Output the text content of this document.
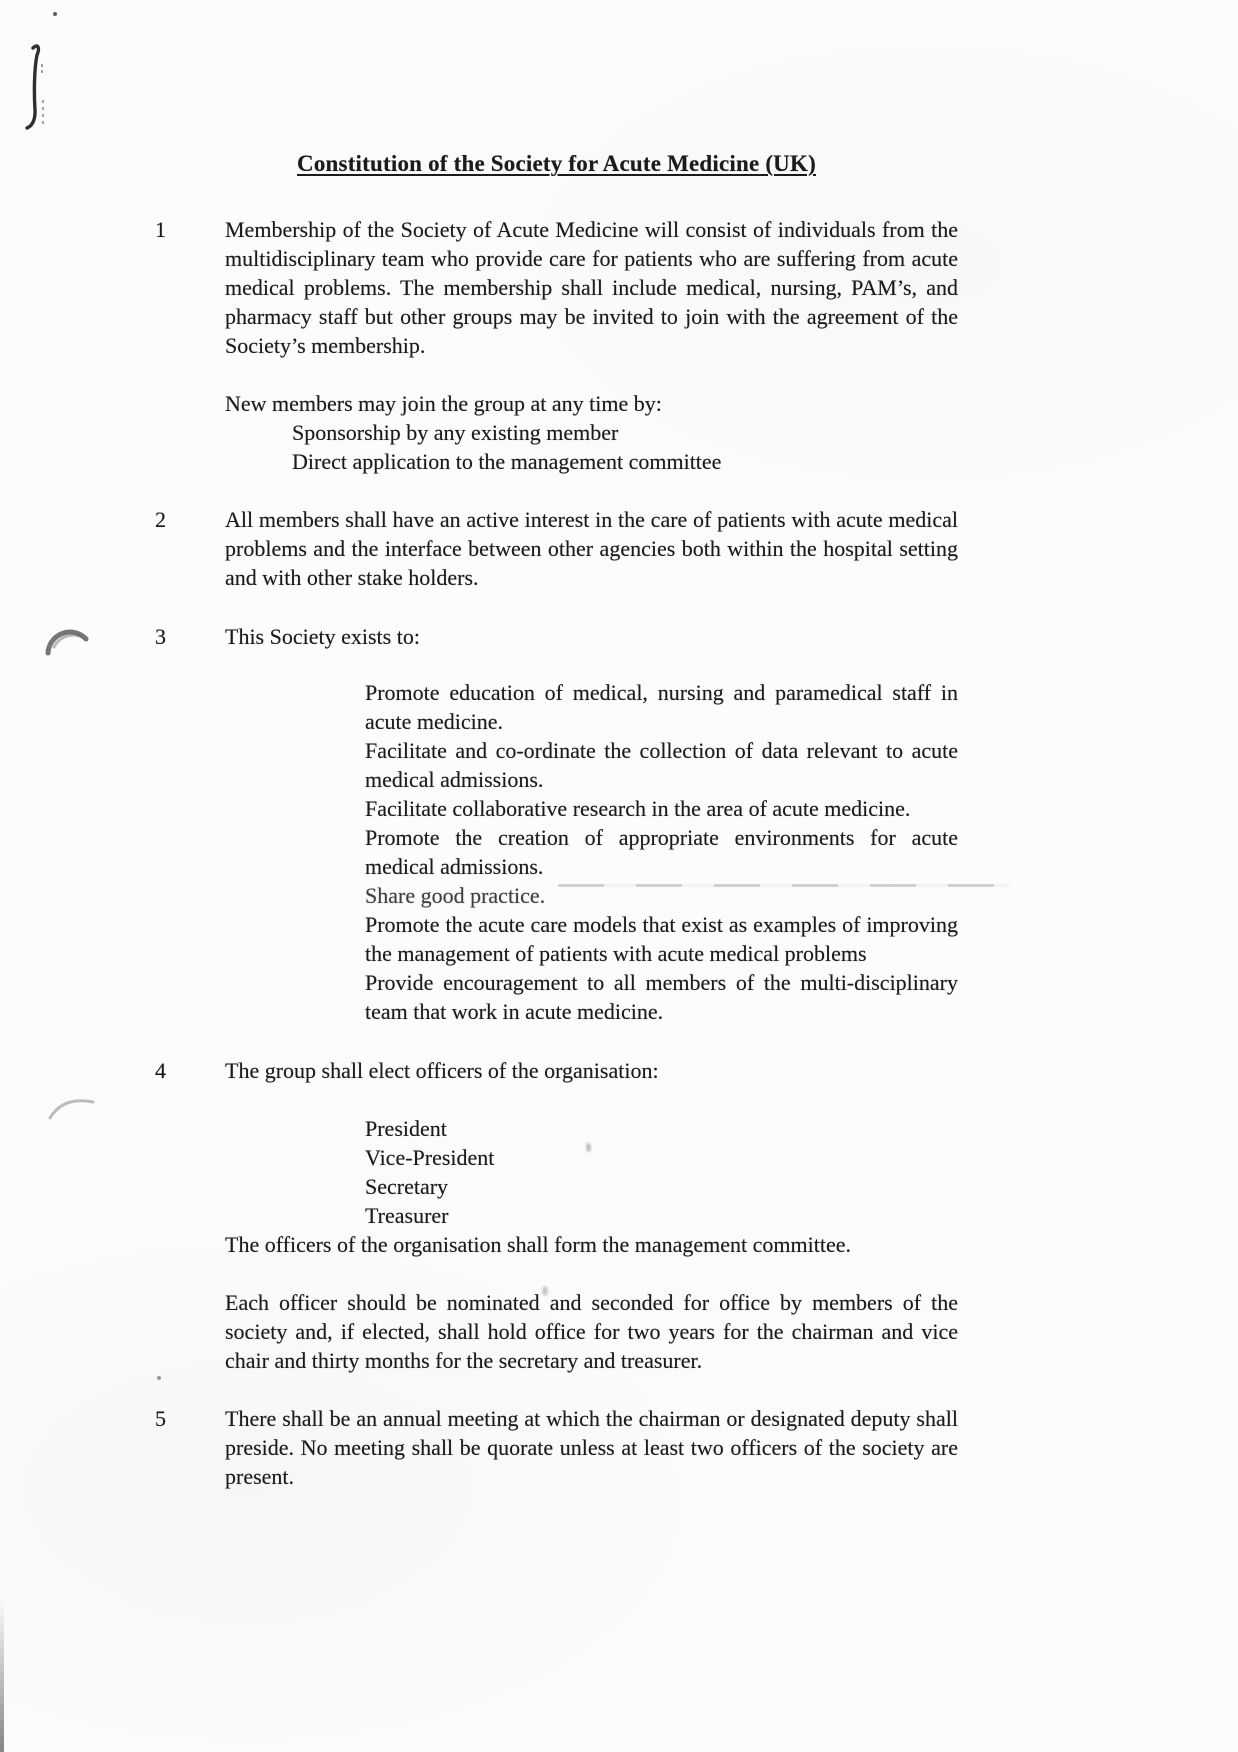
Constitution of the Society for Acute Medicine (UK)
1	Membership of the Society of Acute Medicine will consist of individuals from the multidisciplinary team who provide care for patients who are suffering from acute medical problems. The membership shall include medical, nursing, PAM’s, and pharmacy staff but other groups may be invited to join with the agreement of the Society’s membership.

New members may join the group at any time by:

Sponsorship by any existing member

Direct application to the management committee

2	All members shall have an active interest in the care of patients with acute medical problems and the interface between other agencies both within the hospital setting and with other stake holders.

3	This Society exists to:

Promote education of medical, nursing and paramedical staff in acute medicine.

Facilitate and co-ordinate the collection of data relevant to acute medical admissions.

Facilitate collaborative research in the area of acute medicine.

Promote the creation of appropriate environments for acute medical admissions.

Share good practice.

Promote the acute care models that exist as examples of improving the management of patients with acute medical problems

Provide encouragement to all members of the multi-disciplinary team that work in acute medicine.

4	The group shall elect officers of the organisation:

President

Vice-President

Secretary

Treasurer

The officers of the organisation shall form the management committee.

Each officer should be nominated and seconded for office by members of the society and, if elected, shall hold office for two years for the chairman and vice chair and thirty months for the secretary and treasurer.

5	There shall be an annual meeting at which the chairman or designated deputy shall preside. No meeting shall be quorate unless at least two officers of the society are present.
